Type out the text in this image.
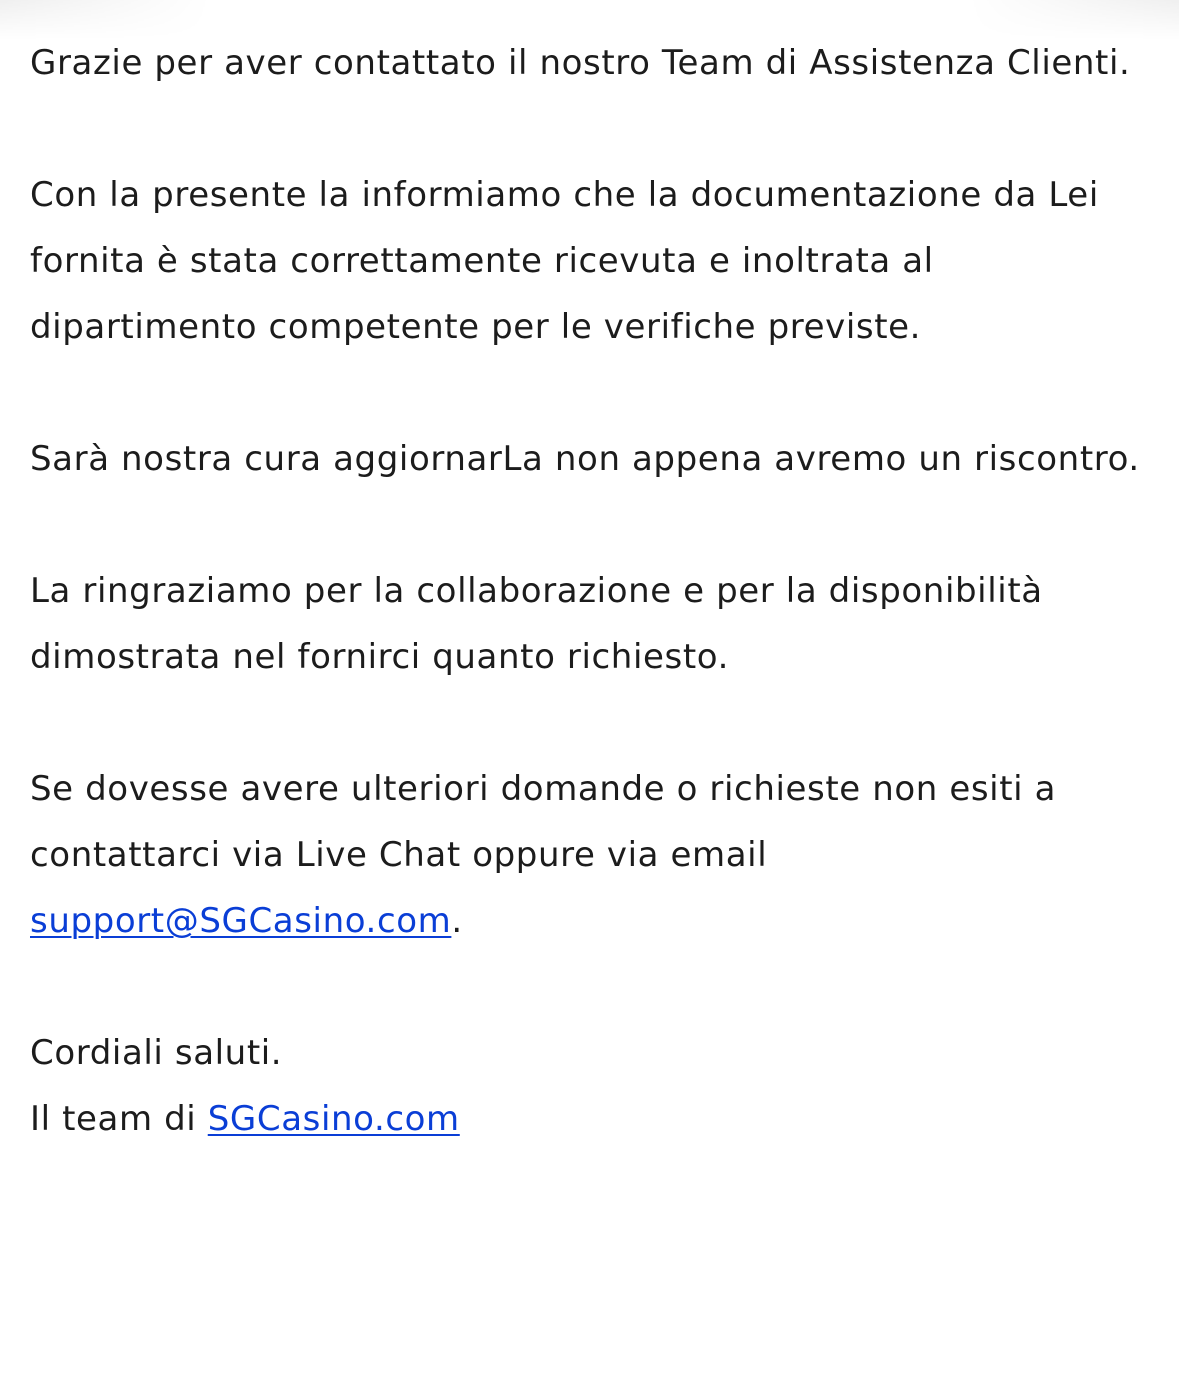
Grazie per aver contattato il nostro Team di Assistenza Clienti.

Con la presente la informiamo che la documentazione da Lei fornita è stata correttamente ricevuta e inoltrata al dipartimento competente per le verifiche previste.

Sarà nostra cura aggiornarLa non appena avremo un riscontro.

La ringraziamo per la collaborazione e per la disponibilità dimostrata nel fornirci quanto richiesto.

Se dovesse avere ulteriori domande o richieste non esiti a contattarci via Live Chat oppure via email support@SGCasino.com.

Cordiali saluti.
Il team di SGCasino.com
